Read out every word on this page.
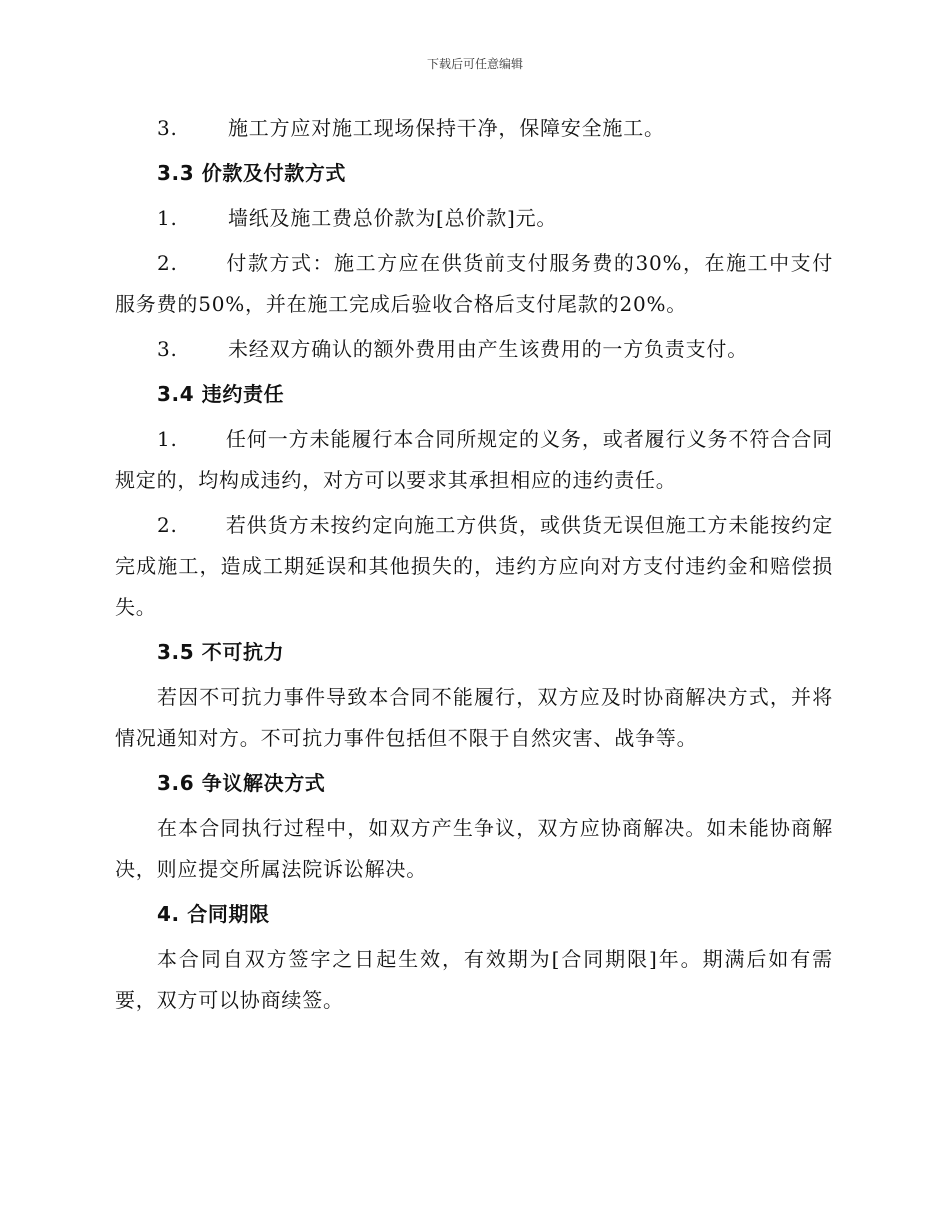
下载后可任意编辑
3.	施工方应对施工现场保持干净，保障安全施工。
3.3 价款及付款方式
1.	墙纸及施工费总价款为[总价款]元。
2. 付款方式：施工方应在供货前支付服务费的30%，在施工中支付服务费的50%，并在施工完成后验收合格后支付尾款的20%。
3.	未经双方确认的额外费用由产生该费用的一方负责支付。
3.4 违约责任
1. 任何一方未能履行本合同所规定的义务，或者履行义务不符合合同规定的，均构成违约，对方可以要求其承担相应的违约责任。
2. 若供货方未按约定向施工方供货，或供货无误但施工方未能按约定完成施工，造成工期延误和其他损失的，违约方应向对方支付违约金和赔偿损失。
3.5 不可抗力
若因不可抗力事件导致本合同不能履行，双方应及时协商解决方式，并将情况通知对方。不可抗力事件包括但不限于自然灾害、战争等。
3.6 争议解决方式
在本合同执行过程中，如双方产生争议，双方应协商解决。如未能协商解决，则应提交所属法院诉讼解决。
4. 合同期限
本合同自双方签字之日起生效，有效期为[合同期限]年。期满后如有需要，双方可以协商续签。
